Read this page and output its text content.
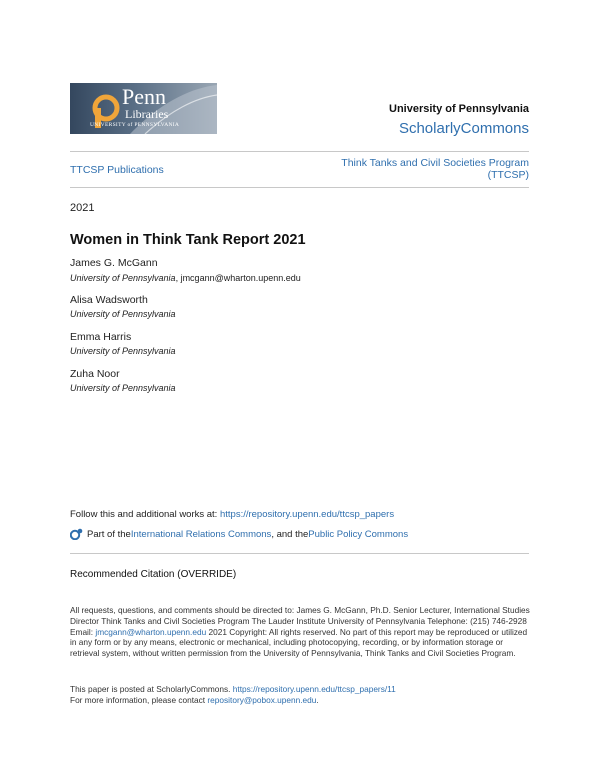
Penn
Libraries
UNIVERSITY of PENNSYLVANIA
University of Pennsylvania
ScholarlyCommons
TTCSP Publications
Think Tanks and Civil Societies Program (TTCSP)
2021
Women in Think Tank Report 2021
James G. McGann
University of Pennsylvania, jmcgann@wharton.upenn.edu
Alisa Wadsworth
University of Pennsylvania
Emma Harris
University of Pennsylvania
Zuha Noor
University of Pennsylvania
Follow this and additional works at: https://repository.upenn.edu/ttcsp_papers
Part of the International Relations Commons , and the Public Policy Commons
Recommended Citation (OVERRIDE)
All requests, questions, and comments should be directed to: James G. McGann, Ph.D. Senior Lecturer, International Studies Director Think Tanks and Civil Societies Program The Lauder Institute University of Pennsylvania Telephone: (215) 746-2928 Email: jmcgann@wharton.upenn.edu 2021 Copyright: All rights reserved. No part of this report may be reproduced or utilized in any form or by any means, electronic or mechanical, including photocopying, recording, or by information storage or retrieval system, without written permission from the University of Pennsylvania, Think Tanks and Civil Societies Program.
This paper is posted at ScholarlyCommons. https://repository.upenn.edu/ttcsp_papers/11
For more information, please contact repository@pobox.upenn.edu.
